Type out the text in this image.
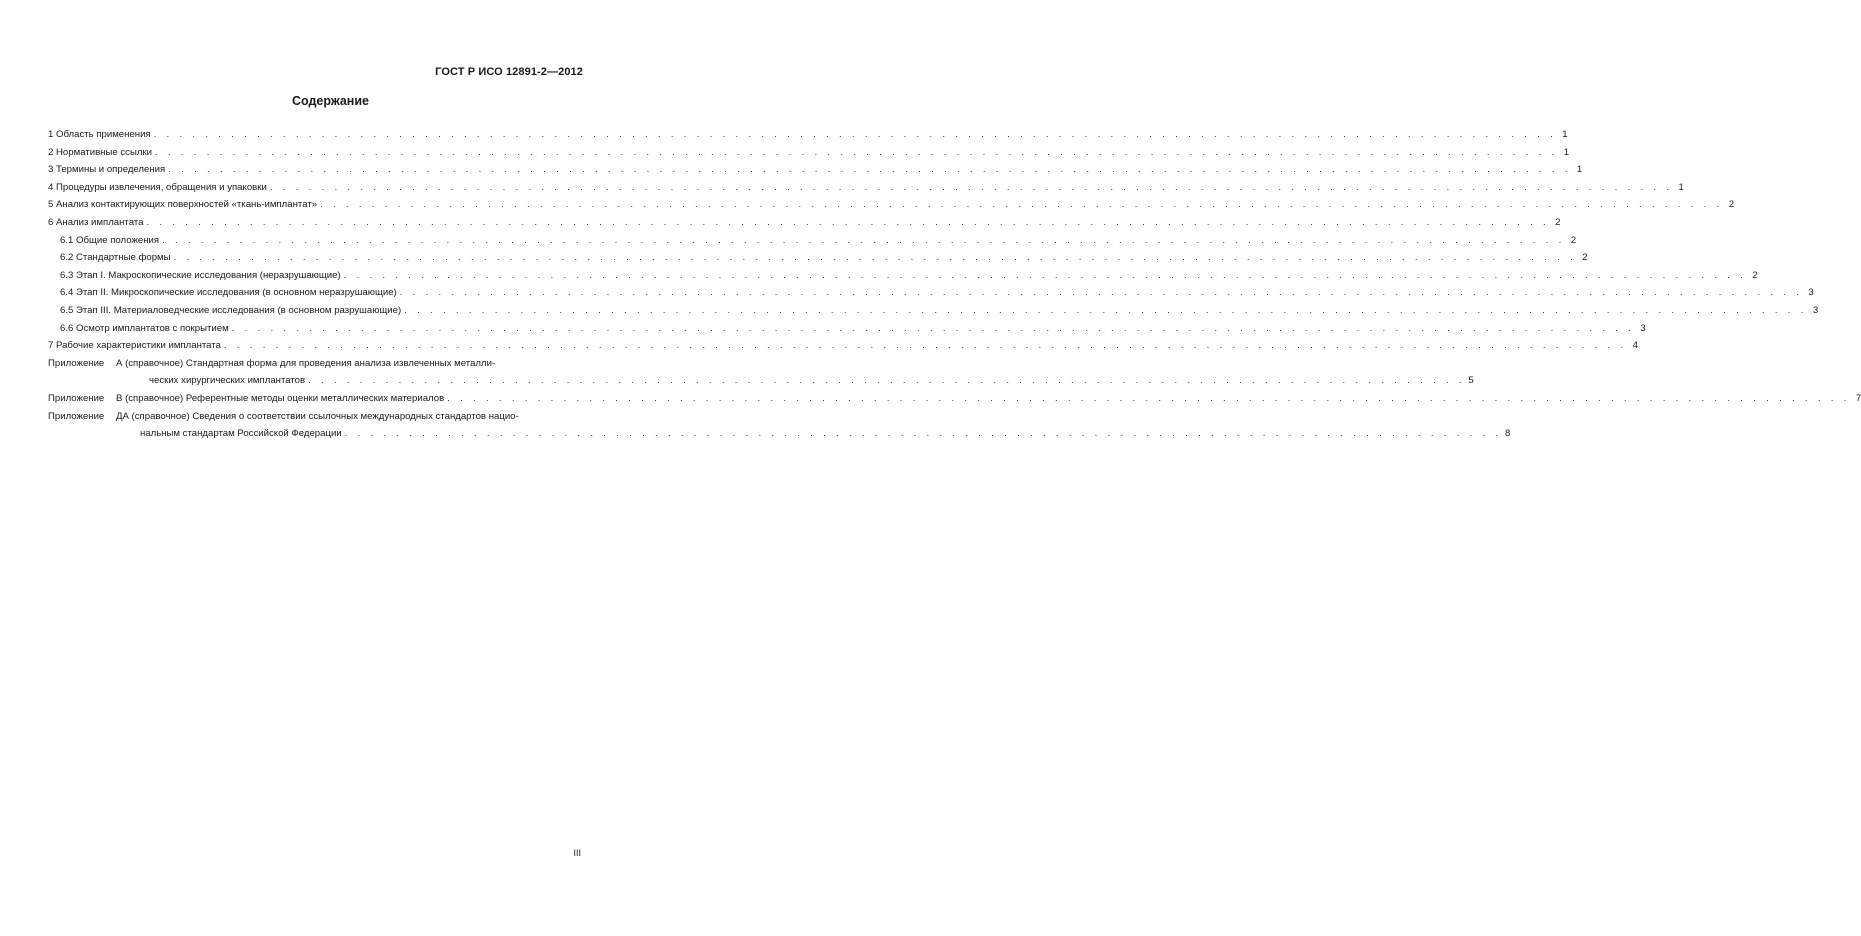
ГОСТ Р ИСО 12891-2—2012
Содержание
1 Область применения . . .	1
2 Нормативные ссылки . . .	1
3 Термины и определения . . .	1
4 Процедуры извлечения, обращения и упаковки . . .	1
5 Анализ контактирующих поверхностей «ткань-имплантат» . . .	2
6 Анализ имплантата . . .	2
6.1 Общие положения . . .	2
6.2 Стандартные формы . . .	2
6.3 Этап I. Макроскопические исследования (неразрушающие) . . .	2
6.4 Этап II. Микроскопические исследования (в основном неразрушающие) . . .	3
6.5 Этап III. Материаловедческие исследования (в основном разрушающие) . . .	3
6.6 Осмотр имплантатов с покрытием . . .	3
7 Рабочие характеристики имплантата . . .	4
Приложение	А (справочное) Стандартная форма для проведения анализа извлеченных металли-
ческих хирургических имплантатов . . .	5
Приложение	В (справочное) Референтные методы оценки металлических материалов . . .	7
Приложение	ДА (справочное) Сведения о соответствии ссылочных международных стандартов нацио-
нальным стандартам Российской Федерации . . .	8
III
